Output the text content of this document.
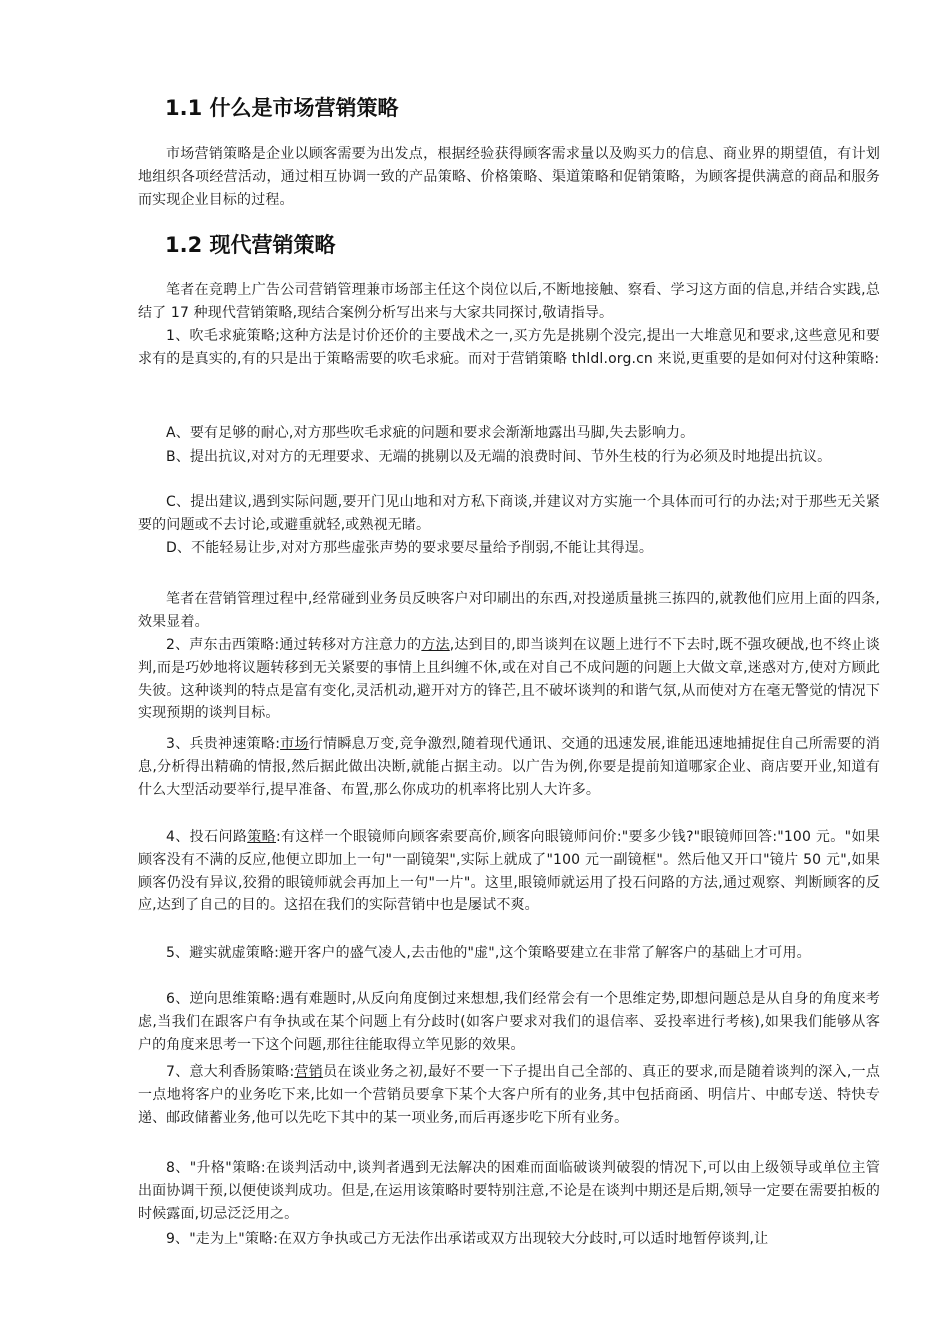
1.1 什么是市场营销策略

市场营销策略是企业以顾客需要为出发点，根据经验获得顾客需求量以及购买力的信息、商业界的期望值，有计划地组织各项经营活动，通过相互协调一致的产品策略、价格策略、渠道策略和促销策略，为顾客提供满意的商品和服务而实现企业目标的过程。

1.2 现代营销策略

笔者在竞聘上广告公司营销管理兼市场部主任这个岗位以后,不断地接触、察看、学习这方面的信息,并结合实践,总结了 17 种现代营销策略,现结合案例分析写出来与大家共同探讨,敬请指导。

1、吹毛求疵策略;这种方法是讨价还价的主要战术之一,买方先是挑剔个没完,提出一大堆意见和要求,这些意见和要求有的是真实的,有的只是出于策略需要的吹毛求疵。而对于营销策略 thldl.org.cn 来说,更重要的是如何对付这种策略:

A、要有足够的耐心,对方那些吹毛求疵的问题和要求会渐渐地露出马脚,失去影响力。

B、提出抗议,对对方的无理要求、无端的挑剔以及无端的浪费时间、节外生枝的行为必须及时地提出抗议。

C、提出建议,遇到实际问题,要开门见山地和对方私下商谈,并建议对方实施一个具体而可行的办法;对于那些无关紧要的问题或不去讨论,或避重就轻,或熟视无睹。

D、不能轻易让步,对对方那些虚张声势的要求要尽量给予削弱,不能让其得逞。

笔者在营销管理过程中,经常碰到业务员反映客户对印刷出的东西,对投递质量挑三拣四的,就教他们应用上面的四条,效果显着。

2、声东击西策略:通过转移对方注意力的方法,达到目的,即当谈判在议题上进行不下去时,既不强攻硬战,也不终止谈判,而是巧妙地将议题转移到无关紧要的事情上且纠缠不休,或在对自己不成问题的问题上大做文章,迷惑对方,使对方顾此失彼。这种谈判的特点是富有变化,灵活机动,避开对方的锋芒,且不破坏谈判的和谐气氛,从而使对方在毫无警觉的情况下实现预期的谈判目标。

3、兵贵神速策略:市场行情瞬息万变,竞争激烈,随着现代通讯、交通的迅速发展,谁能迅速地捕捉住自己所需要的消息,分析得出精确的情报,然后据此做出决断,就能占据主动。以广告为例,你要是提前知道哪家企业、商店要开业,知道有什么大型活动要举行,提早准备、布置,那么你成功的机率将比别人大许多。

4、投石问路策略:有这样一个眼镜师向顾客索要高价,顾客向眼镜师问价:"要多少钱?"眼镜师回答:"100 元。"如果顾客没有不满的反应,他便立即加上一句"一副镜架",实际上就成了"100 元一副镜框"。然后他又开口"镜片 50 元",如果顾客仍没有异议,狡猾的眼镜师就会再加上一句"一片"。这里,眼镜师就运用了投石问路的方法,通过观察、判断顾客的反应,达到了自己的目的。这招在我们的实际营销中也是屡试不爽。

5、避实就虚策略:避开客户的盛气凌人,去击他的"虚",这个策略要建立在非常了解客户的基础上才可用。

6、逆向思维策略:遇有难题时,从反向角度倒过来想想,我们经常会有一个思维定势,即想问题总是从自身的角度来考虑,当我们在跟客户有争执或在某个问题上有分歧时(如客户要求对我们的退信率、妥投率进行考核),如果我们能够从客户的角度来思考一下这个问题,那往往能取得立竿见影的效果。

7、意大利香肠策略:营销员在谈业务之初,最好不要一下子提出自己全部的、真正的要求,而是随着谈判的深入,一点一点地将客户的业务吃下来,比如一个营销员要拿下某个大客户所有的业务,其中包括商函、明信片、中邮专送、特快专递、邮政储蓄业务,他可以先吃下其中的某一项业务,而后再逐步吃下所有业务。

8、"升格"策略:在谈判活动中,谈判者遇到无法解决的困难而面临破谈判破裂的情况下,可以由上级领导或单位主管出面协调干预,以便使谈判成功。但是,在运用该策略时要特别注意,不论是在谈判中期还是后期,领导一定要在需要拍板的时候露面,切忌泛泛用之。

9、"走为上"策略:在双方争执或己方无法作出承诺或双方出现较大分歧时,可以适时地暂停谈判,让
